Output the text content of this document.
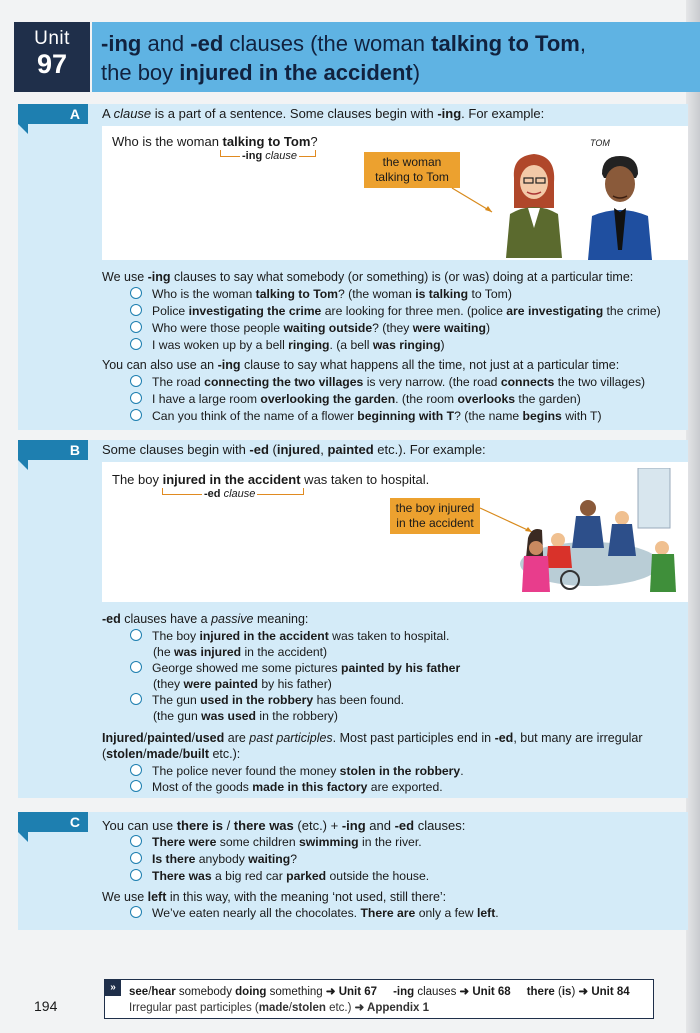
Unit
97
-ing and -ed clauses (the woman talking to Tom,
the boy injured in the accident)
A	A clause is a part of a sentence. Some clauses begin with -ing. For example:
Who is the woman talking to Tom?
-ing clause	the woman talking to Tom
TOM
We use -ing clauses to say what somebody (or something) is (or was) doing at a particular time:
Who is the woman talking to Tom? (the woman is talking to Tom)
Police investigating the crime are looking for three men. (police are investigating the crime)
Who were those people waiting outside? (they were waiting)
I was woken up by a bell ringing. (a bell was ringing)
You can also use an -ing clause to say what happens all the time, not just at a particular time:
The road connecting the two villages is very narrow. (the road connects the two villages)
I have a large room overlooking the garden. (the room overlooks the garden)
Can you think of the name of a flower beginning with T? (the name begins with T)
B	Some clauses begin with -ed (injured, painted etc.). For example:
The boy injured in the accident was taken to hospital.
-ed clause
the boy injured in the accident
-ed clauses have a passive meaning:
The boy injured in the accident was taken to hospital.
(he was injured in the accident)
George showed me some pictures painted by his father
(they were painted by his father)
The gun used in the robbery has been found.
(the gun was used in the robbery)
Injured/painted/used are past participles. Most past participles end in -ed, but many are irregular
(stolen/made/built etc.):
The police never found the money stolen in the robbery.
Most of the goods made in this factory are exported.
C	You can use there is / there was (etc.) + -ing and -ed clauses:
There were some children swimming in the river.
Is there anybody waiting?
There was a big red car parked outside the house.
We use left in this way, with the meaning ‘not used, still there’:
We’ve eaten nearly all the chocolates. There are only a few left.
»	see/hear somebody doing something ➜ Unit 67 -ing clauses ➜ Unit 68 there (is) ➜ Unit 84
Irregular past participles (made/stolen etc.) ➜ Appendix 1
194
